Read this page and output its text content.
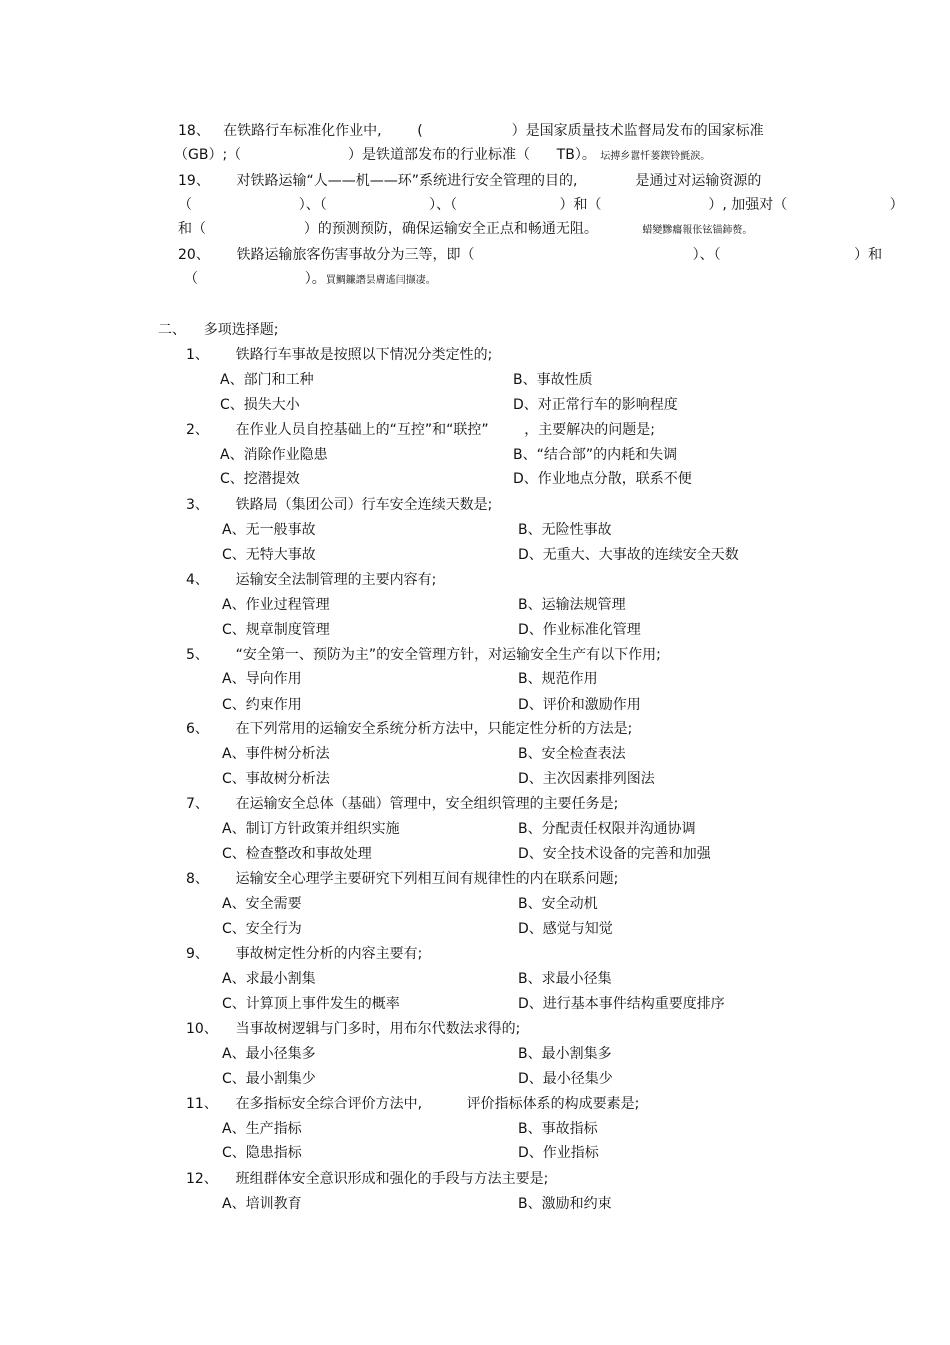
18、   在铁路行车标准化作业中,        (                    ）是国家质量技术监督局发布的国家标准
（GB）;（                        ）是铁道部发布的行业标准（      TB）。 坛搏乡囂忏蒌鍥铃氈淚。
19、      对铁路运输“人——机——环”系统进行安全管理的目的,             是通过对运输资源的
（                        ）、（                       ）、（                       ）和（                        ）, 加强对（                       ）
和（                      ）的预测预防，确保运输安全正点和畅通无阻。	蜡變黲癟報伥铉锚鈰赘。
20、      铁路运输旅客伤害事故分为三等，即（                                                 ）、（                              ）和
（                        ）。買鯛鐮譖昙膚遙闫撷凄。
二、    多项选择题;
1、 铁路行车事故是按照以下情况分类定性的;
A、部门和工种	B、事故性质
C、损失大小	D、对正常行车的影响程度
2、 在作业人员自控基础上的“互控”和“联控”        ，主要解决的问题是;
A、消除作业隐患	B、“结合部”的内耗和失调
C、挖潜提效	D、作业地点分散，联系不便
3、 铁路局（集团公司）行车安全连续天数是;
A、无一般事故	B、无险性事故
C、无特大事故	D、无重大、大事故的连续安全天数
4、 运输安全法制管理的主要内容有;
A、作业过程管理	B、运输法规管理
C、规章制度管理	D、作业标准化管理
5、 “安全第一、预防为主”的安全管理方针，对运输安全生产有以下作用;
A、导向作用	B、规范作用
C、约束作用	D、评价和激励作用
6、 在下列常用的运输安全系统分析方法中，只能定性分析的方法是;
A、事件树分析法	B、安全检查表法
C、事故树分析法	D、主次因素排列图法
7、 在运输安全总体（基础）管理中，安全组织管理的主要任务是;
A、制订方针政策并组织实施	B、分配责任权限并沟通协调
C、检查整改和事故处理	D、安全技术设备的完善和加强
8、 运输安全心理学主要研究下列相互间有规律性的内在联系问题;
A、安全需要	B、安全动机
C、安全行为	D、感觉与知觉
9、 事故树定性分析的内容主要有;
A、求最小割集	B、求最小径集
C、计算顶上事件发生的概率	D、进行基本事件结构重要度排序
10、 当事故树逻辑与门多时，用布尔代数法求得的;
A、最小径集多	B、最小割集多
C、最小割集少	D、最小径集少
11、 在多指标安全综合评价方法中,          评价指标体系的构成要素是;
A、生产指标	B、事故指标
C、隐患指标	D、作业指标
12、 班组群体安全意识形成和强化的手段与方法主要是;
A、培训教育	B、激励和约束
